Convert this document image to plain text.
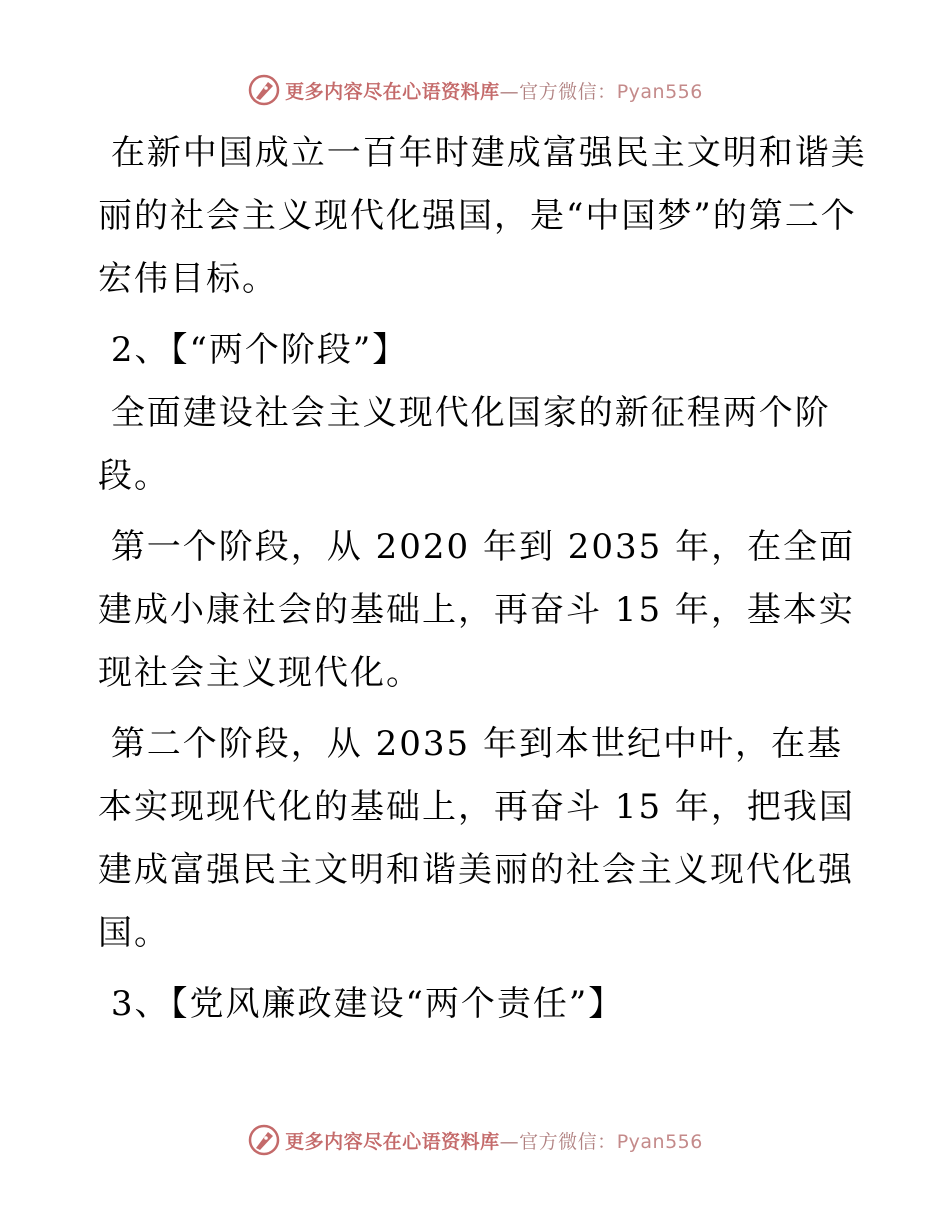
更多内容尽在心语资料库—官方微信：Pyan556

在新中国成立一百年时建成富强民主文明和谐美丽的社会主义现代化强国，是“中国梦”的第二个宏伟目标。

2、【“两个阶段”】

全面建设社会主义现代化国家的新征程两个阶段。

第一个阶段，从 2020 年到 2035 年，在全面建成小康社会的基础上，再奋斗 15 年，基本实现社会主义现代化。

第二个阶段，从 2035 年到本世纪中叶，在基本实现现代化的基础上，再奋斗 15 年，把我国建成富强民主文明和谐美丽的社会主义现代化强国。

3、【党风廉政建设“两个责任”】

更多内容尽在心语资料库—官方微信：Pyan556
